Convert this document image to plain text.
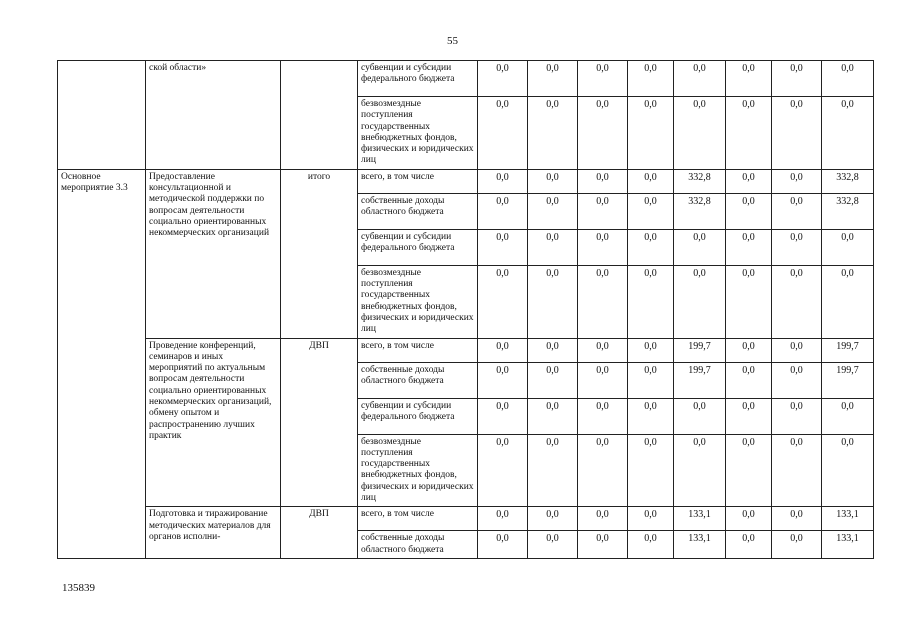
55
	ской области»		субвенции и субсидии федерального бюджета	0,0	0,0	0,0	0,0	0,0	0,0	0,0	0,0
			безвозмездные поступления государственных внебюджетных фондов, физических и юридических лиц	0,0	0,0	0,0	0,0	0,0	0,0	0,0	0,0
Основное мероприятие 3.3	Предоставление консультационной и методической поддержки по вопросам деятельности социально ориентированных некоммерческих организаций	итого	всего, в том числе	0,0	0,0	0,0	0,0	332,8	0,0	0,0	332,8
			собственные доходы областного бюджета	0,0	0,0	0,0	0,0	332,8	0,0	0,0	332,8
			субвенции и субсидии федерального бюджета	0,0	0,0	0,0	0,0	0,0	0,0	0,0	0,0
			безвозмездные поступления государственных внебюджетных фондов, физических и юридических лиц	0,0	0,0	0,0	0,0	0,0	0,0	0,0	0,0
	Проведение конференций, семинаров и иных мероприятий по актуальным вопросам деятельности социально ориентированных некоммерческих организаций, обмену опытом и распространению лучших практик	ДВП	всего, в том числе	0,0	0,0	0,0	0,0	199,7	0,0	0,0	199,7
			собственные доходы областного бюджета	0,0	0,0	0,0	0,0	199,7	0,0	0,0	199,7
			субвенции и субсидии федерального бюджета	0,0	0,0	0,0	0,0	0,0	0,0	0,0	0,0
			безвозмездные поступления государственных внебюджетных фондов, физических и юридических лиц	0,0	0,0	0,0	0,0	0,0	0,0	0,0	0,0
	Подготовка и тиражирование методических материалов для органов исполни-	ДВП	всего, в том числе	0,0	0,0	0,0	0,0	133,1	0,0	0,0	133,1
			собственные доходы областного бюджета	0,0	0,0	0,0	0,0	133,1	0,0	0,0	133,1
135839
